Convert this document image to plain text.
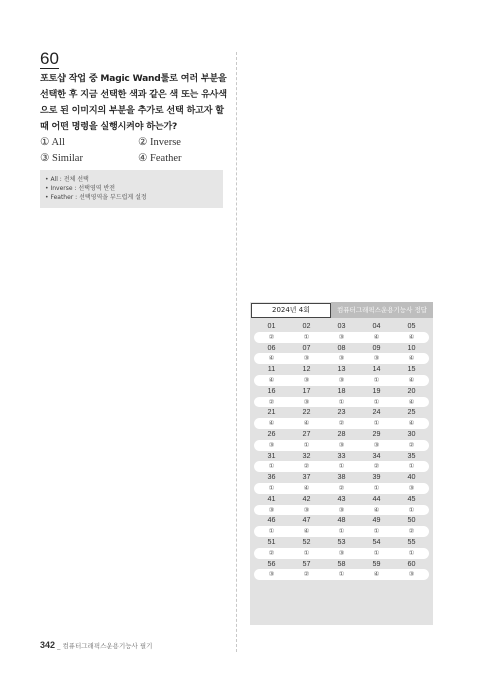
60
포토샵 작업 중 Magic Wand툴로 여러 부분을 선택한 후 지금 선택한 색과 같은 색 또는 유사색으로 된 이미지의 부분을 추가로 선택 하고자 할 때 어떤 명령을 실행시켜야 하는가?
① All	② Inverse
③ Similar	④ Feather
• All : 전체 선택
• Inverse : 선택영역 반전
• Feather : 선택영역을 부드럽게 설정
2024년 4회	컴퓨터그래픽스운용기능사 정답
01	02	03	04	05
②	①	③	④	④
06	07	08	09	10
④	③	③	③	④
11	12	13	14	15
④	③	③	①	④
16	17	18	19	20
②	③	①	①	④
21	22	23	24	25
④	④	②	①	④
26	27	28	29	30
③	①	③	③	②
31	32	33	34	35
①	②	①	②	①
36	37	38	39	40
①	④	②	①	③
41	42	43	44	45
③	③	③	④	①
46	47	48	49	50
①	④	①	①	②
51	52	53	54	55
②	①	③	①	①
56	57	58	59	60
③	②	①	④	③
342 _ 컴퓨터그래픽스운용기능사 필기
